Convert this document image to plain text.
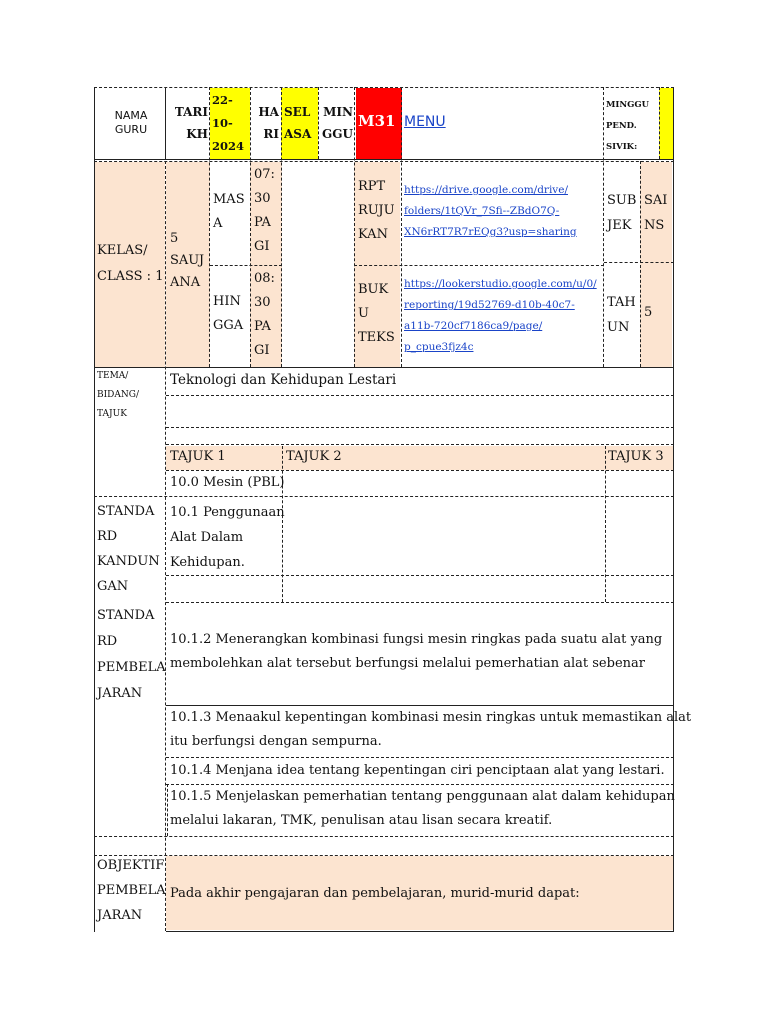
NAMA
GURU
TARI
KH
22-
10-
2024
HA
RI
SEL
ASA
MIN
GGU
M31 MENU
MINGGU
PEND.
SIVIK:
KELAS/
CLASS : 1
5
SAUJ
ANA
MAS
A
07:
30
PA
GI
HIN
GGA
08:
30
PA
GI
RPT
RUJU
KAN
https://drive.google.com/drive/
folders/1tQVr_7Sfi--ZBdO7Q-
XN6rRT7R7rEQg3?usp=sharing
BUK
U
TEKS
https://lookerstudio.google.com/u/0/
reporting/19d52769-d10b-40c7-
a11b-720cf7186ca9/page/
p_cpue3fjz4c
SUB
JEK
SAI
NS
TAH
UN
5
TEMA/
BIDANG/
TAJUK
Teknologi dan Kehidupan Lestari
TAJUK 1	TAJUK 2	TAJUK 3
10.0 Mesin (PBL)
STANDA
RD
KANDUN
GAN
10.1 Penggunaan
Alat Dalam
Kehidupan.
STANDA
RD
PEMBELA
JARAN
10.1.2 Menerangkan kombinasi fungsi mesin ringkas pada suatu alat yang
membolehkan alat tersebut berfungsi melalui pemerhatian alat sebenar
10.1.3 Menaakul kepentingan kombinasi mesin ringkas untuk memastikan alat
itu berfungsi dengan sempurna.
10.1.4 Menjana idea tentang kepentingan ciri penciptaan alat yang lestari.
10.1.5 Menjelaskan pemerhatian tentang penggunaan alat dalam kehidupan
melalui lakaran, TMK, penulisan atau lisan secara kreatif.
OBJEKTIF
PEMBELA
JARAN
Pada akhir pengajaran dan pembelajaran, murid-murid dapat:
